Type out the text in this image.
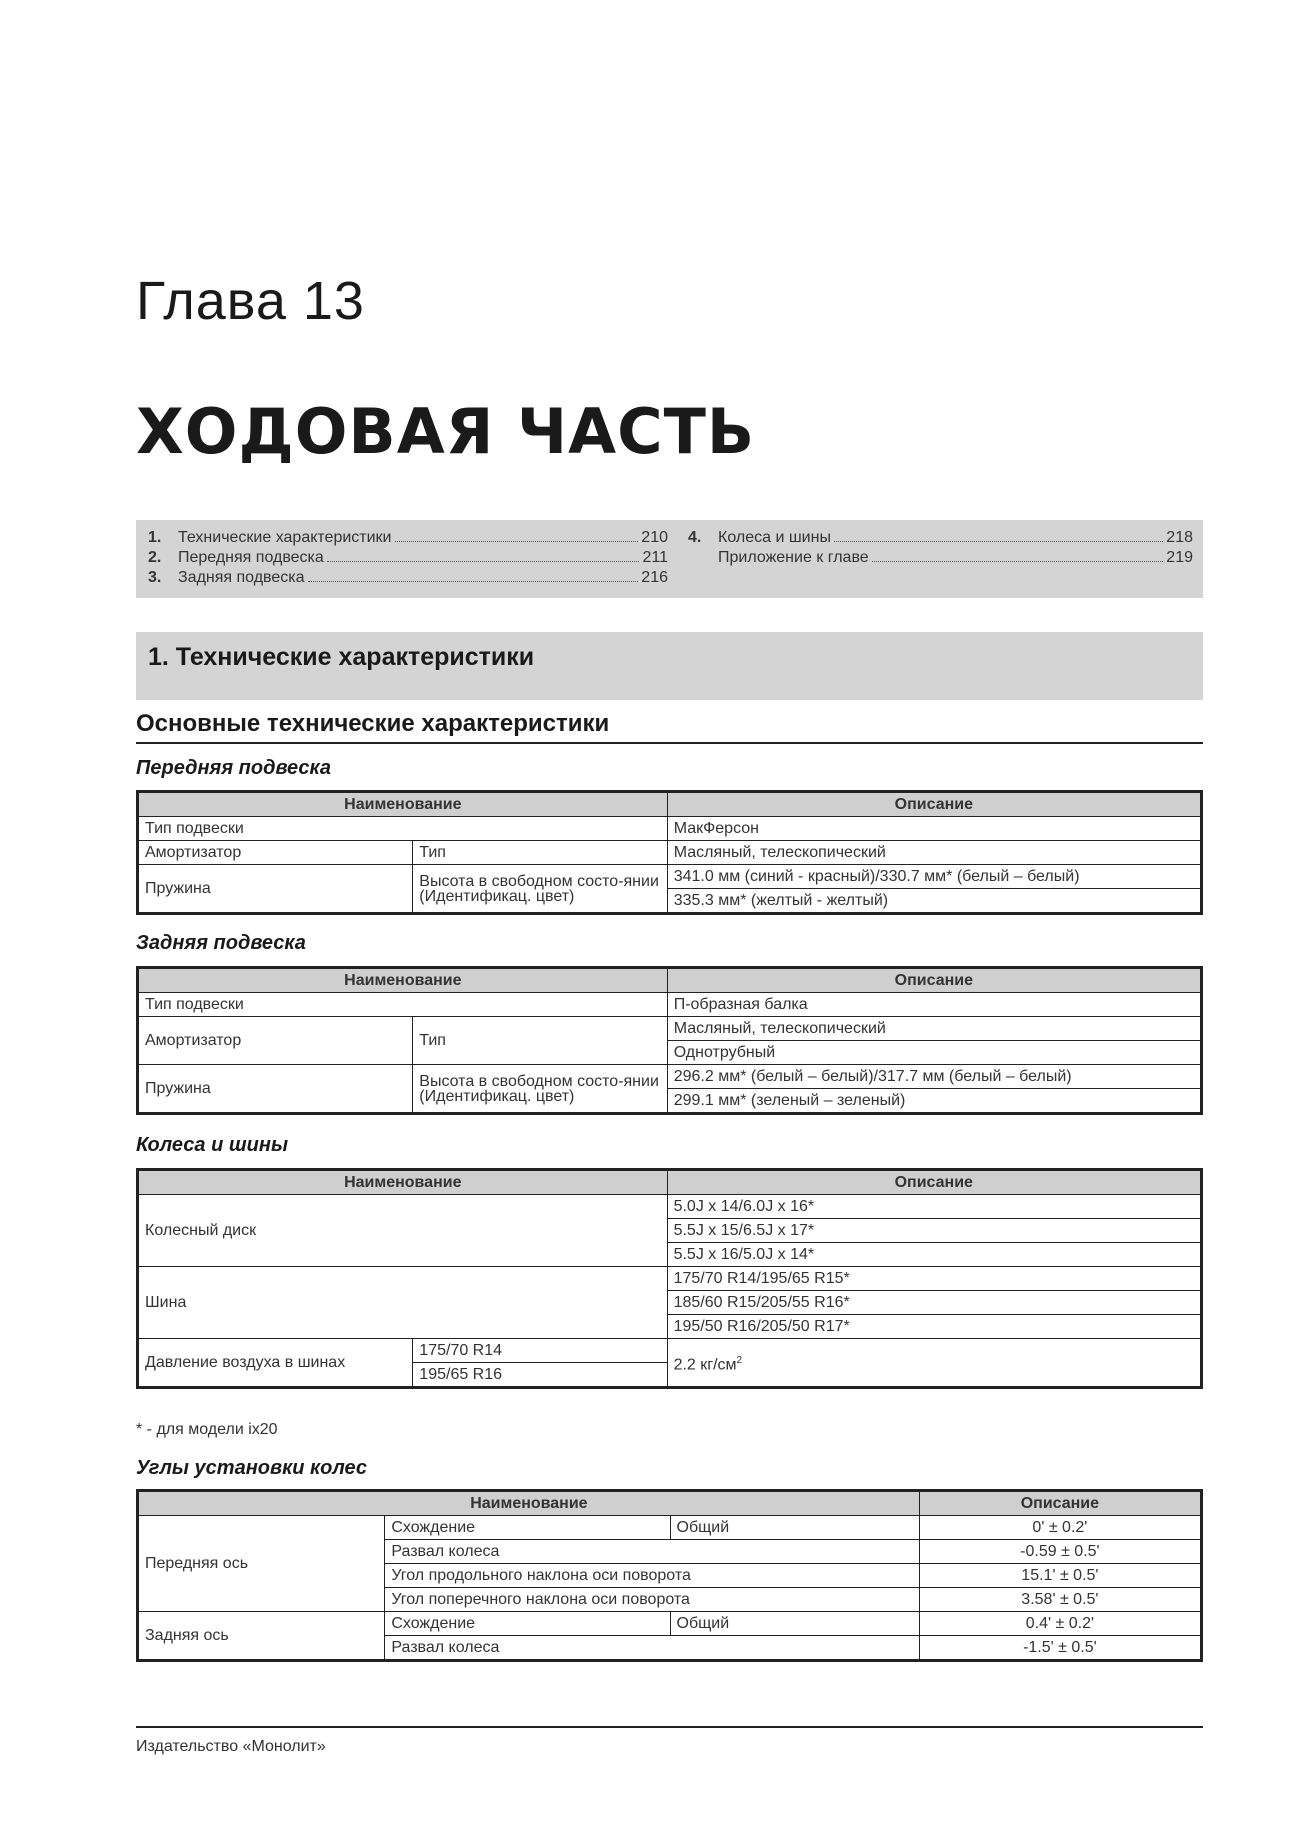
Глава 13
ХОДОВАЯ ЧАСТЬ
1.	Технические характеристики	210
2.	Передняя подвеска	211
3.	Задняя подвеска	216
4.	Колеса и шины	218
Приложение к главе	219
1. Технические характеристики
Основные технические характеристики
Передняя подвеска
Наименование		Описание
Тип подвески		МакФерсон
Амортизатор	Тип	Масляный, телескопический
Пружина	Высота в свободном состо-янии (Идентификац. цвет)	341.0 мм (синий - красный)/330.7 мм* (белый – белый)
		335.3 мм* (желтый - желтый)
Задняя подвеска
Наименование		Описание
Тип подвески		П-образная балка
Амортизатор	Тип	Масляный, телескопический
		Однотрубный
Пружина	Высота в свободном состо-янии (Идентификац. цвет)	296.2 мм* (белый – белый)/317.7 мм (белый – белый)
		299.1 мм* (зеленый – зеленый)
Колеса и шины
Наименование		Описание
Колесный диск		5.0J x 14/6.0J x 16*
		5.5J x 15/6.5J x 17*
		5.5J x 16/5.0J x 14*
Шина		175/70 R14/195/65 R15*
		185/60 R15/205/55 R16*
		195/50 R16/205/50 R17*
Давление воздуха в шинах	175/70 R14	2.2 $кг/см^2$
	195/65 R16	
* - для модели ix20
Углы установки колес
Наименование			Описание
Передняя ось	Схождение	Общий	0' ± 0.2'
	Развал колеса		-0.59 ± 0.5'
	Угол продольного наклона оси поворота		15.1' ± 0.5'
	Угол поперечного наклона оси поворота		3.58' ± 0.5'
Задняя ось	Схождение	Общий	0.4' ± 0.2'
	Развал колеса		-1.5' ± 0.5'
Издательство «Монолит»
